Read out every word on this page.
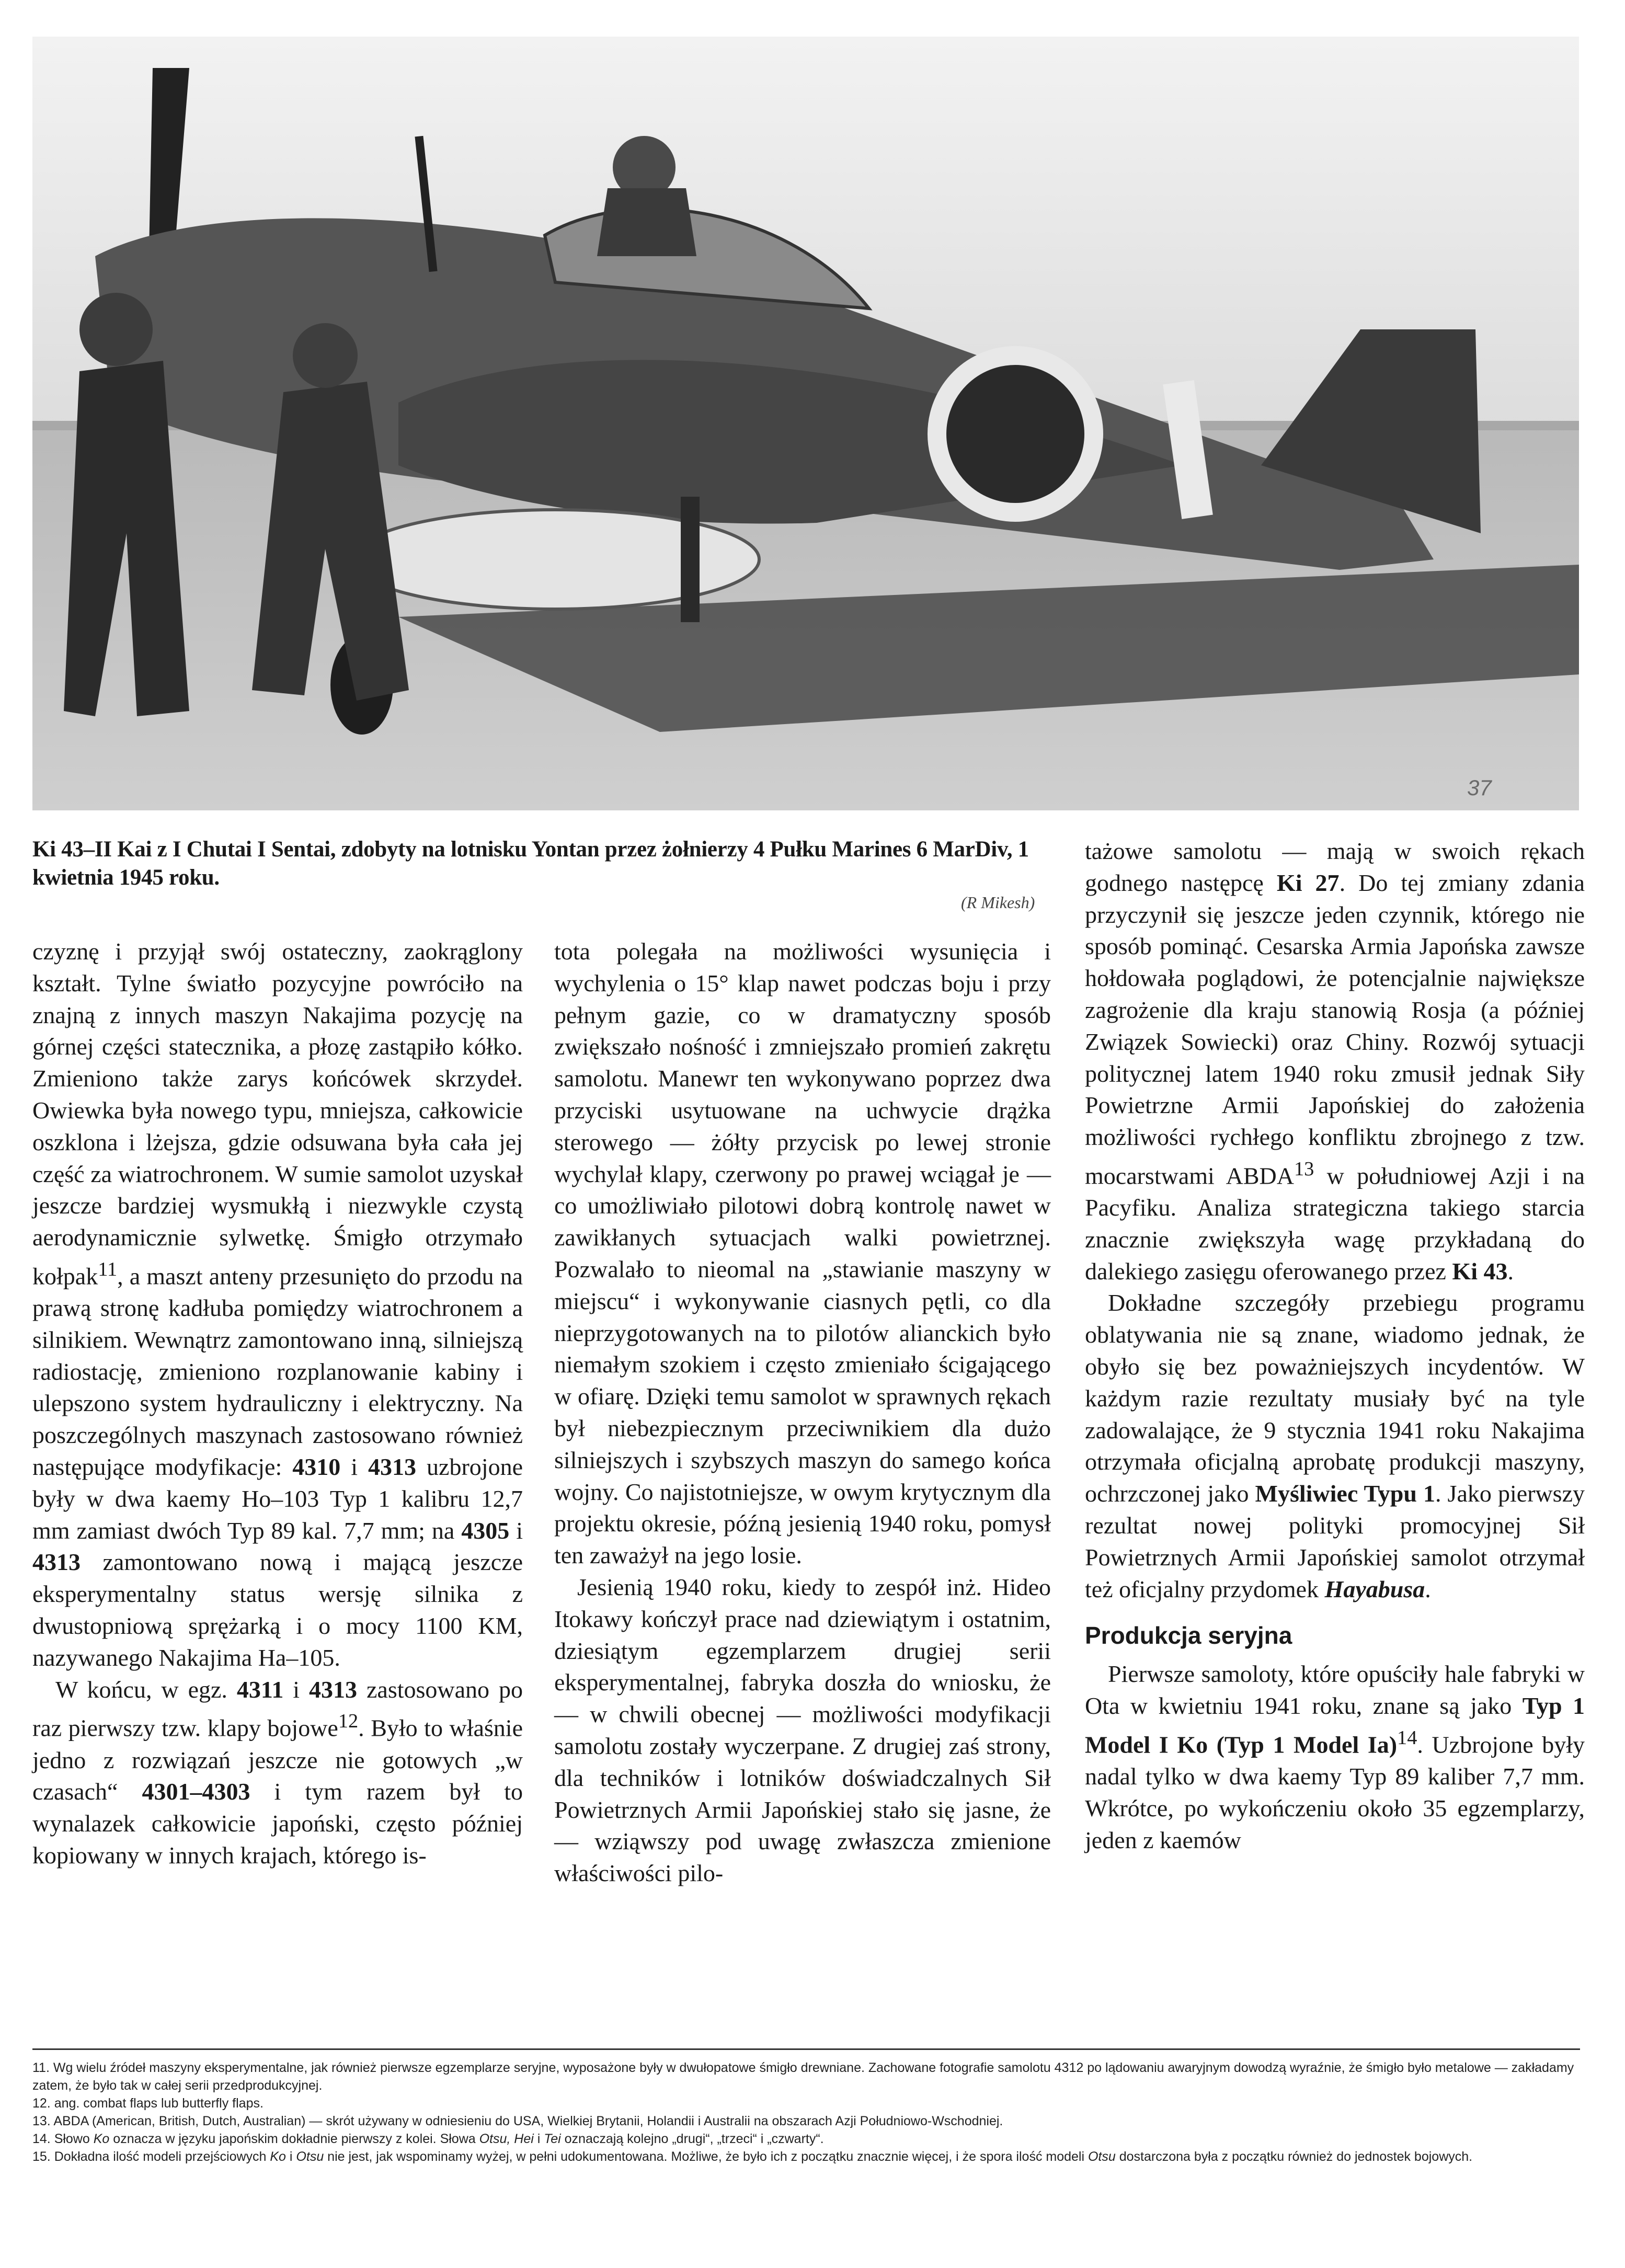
37
Ki 43–II Kai z I Chutai I Sentai, zdobyty na lotnisku Yontan przez żołnierzy 4 Pułku Marines 6 MarDiv, 1 kwietnia 1945 roku.
(R Mikesh)

czyznę i przyjął swój ostateczny, zaokrąglony kształt. Tylne światło pozycyjne powróciło na znajną z innych maszyn Nakajima pozycję na górnej części statecznika, a płozę zastąpiło kółko. Zmieniono także zarys końcówek skrzydeł. Owiewka była nowego typu, mniejsza, całkowicie oszklona i lżejsza, gdzie odsuwana była cała jej część za wiatrochronem. W sumie samolot uzyskał jeszcze bardziej wysmukłą i niezwykle czystą aerodynamicznie sylwetkę. Śmigło otrzymało kołpak$^{11}$, a maszt anteny przesunięto do przodu na prawą stronę kadłuba pomiędzy wiatrochronem a silnikiem. Wewnątrz zamontowano inną, silniejszą radiostację, zmieniono rozplanowanie kabiny i ulepszono system hydrauliczny i elektryczny. Na poszczególnych maszynach zastosowano również następujące modyfikacje: 4310 i 4313 uzbrojone były w dwa kaemy Ho–103 Typ 1 kalibru 12,7 mm zamiast dwóch Typ 89 kal. 7,7 mm; na 4305 i 4313 zamontowano nową i mającą jeszcze eksperymentalny status wersję silnika z dwustopniową sprężarką i o mocy 1100 KM, nazywanego Nakajima Ha–105.

W końcu, w egz. 4311 i 4313 zastosowano po raz pierwszy tzw. klapy bojowe$^{12}$. Było to właśnie jedno z rozwiązań jeszcze nie gotowych „w czasach“ 4301–4303 i tym razem był to wynalazek całkowicie japoński, często później kopiowany w innych krajach, którego is-

tota polegała na możliwości wysunięcia i wychylenia o 15° klap nawet podczas boju i przy pełnym gazie, co w dramatyczny sposób zwiększało nośność i zmniejszało promień zakrętu samolotu. Manewr ten wykonywano poprzez dwa przyciski usytuowane na uchwycie drążka sterowego — żółty przycisk po lewej stronie wychylał klapy, czerwony po prawej wciągał je — co umożliwiało pilotowi dobrą kontrolę nawet w zawikłanych sytuacjach walki powietrznej. Pozwalało to nieomal na „stawianie maszyny w miejscu“ i wykonywanie ciasnych pętli, co dla nieprzygotowanych na to pilotów alianckich było niemałym szokiem i często zmieniało ścigającego w ofiarę. Dzięki temu samolot w sprawnych rękach był niebezpiecznym przeciwnikiem dla dużo silniejszych i szybszych maszyn do samego końca wojny. Co najistotniejsze, w owym krytycznym dla projektu okresie, późną jesienią 1940 roku, pomysł ten zaważył na jego losie.

Jesienią 1940 roku, kiedy to zespół inż. Hideo Itokawy kończył prace nad dziewiątym i ostatnim, dziesiątym egzemplarzem drugiej serii eksperymentalnej, fabryka doszła do wniosku, że — w chwili obecnej — możliwości modyfikacji samolotu zostały wyczerpane. Z drugiej zaś strony, dla techników i lotników doświadczalnych Sił Powietrznych Armii Japońskiej stało się jasne, że — wziąwszy pod uwagę zwłaszcza zmienione właściwości pilo-

tażowe samolotu — mają w swoich rękach godnego następcę Ki 27. Do tej zmiany zdania przyczynił się jeszcze jeden czynnik, którego nie sposób pominąć. Cesarska Armia Japońska zawsze hołdowała poglądowi, że potencjalnie największe zagrożenie dla kraju stanowią Rosja (a później Związek Sowiecki) oraz Chiny. Rozwój sytuacji politycznej latem 1940 roku zmusił jednak Siły Powietrzne Armii Japońskiej do założenia możliwości rychłego konfliktu zbrojnego z tzw. mocarstwami ABDA$^{13}$ w południowej Azji i na Pacyfiku. Analiza strategiczna takiego starcia znacznie zwiększyła wagę przykładaną do dalekiego zasięgu oferowanego przez Ki 43.

Dokładne szczegóły przebiegu programu oblatywania nie są znane, wiadomo jednak, że obyło się bez poważniejszych incydentów. W każdym razie rezultaty musiały być na tyle zadowalające, że 9 stycznia 1941 roku Nakajima otrzymała oficjalną aprobatę produkcji maszyny, ochrzczonej jako Myśliwiec Typu 1. Jako pierwszy rezultat nowej polityki promocyjnej Sił Powietrznych Armii Japońskiej samolot otrzymał też oficjalny przydomek Hayabusa.

Produkcja seryjna

Pierwsze samoloty, które opuściły hale fabryki w Ota w kwietniu 1941 roku, znane są jako Typ 1 Model I Ko (Typ 1 Model Ia)$^{14}$. Uzbrojone były nadal tylko w dwa kaemy Typ 89 kaliber 7,7 mm. Wkrótce, po wykończeniu około 35 egzemplarzy, jeden z kaemów

11. Wg wielu źródeł maszyny eksperymentalne, jak również pierwsze egzemplarze seryjne, wyposażone były w dwułopatowe śmigło drewniane. Zachowane fotografie samolotu 4312 po lądowaniu awaryjnym dowodzą wyraźnie, że śmigło było metalowe — zakładamy zatem, że było tak w całej serii przedprodukcyjnej.

12. ang. combat flaps lub butterfly flaps.

13. ABDA (American, British, Dutch, Australian) — skrót używany w odniesieniu do USA, Wielkiej Brytanii, Holandii i Australii na obszarach Azji Południowo-Wschodniej.

14. Słowo Ko oznacza w języku japońskim dokładnie pierwszy z kolei. Słowa Otsu, Hei i Tei oznaczają kolejno „drugi“, „trzeci“ i „czwarty“.

15. Dokładna ilość modeli przejściowych Ko i Otsu nie jest, jak wspominamy wyżej, w pełni udokumentowana. Możliwe, że było ich z początku znacznie więcej, i że spora ilość modeli Otsu dostarczona była z początku również do jednostek bojowych.
